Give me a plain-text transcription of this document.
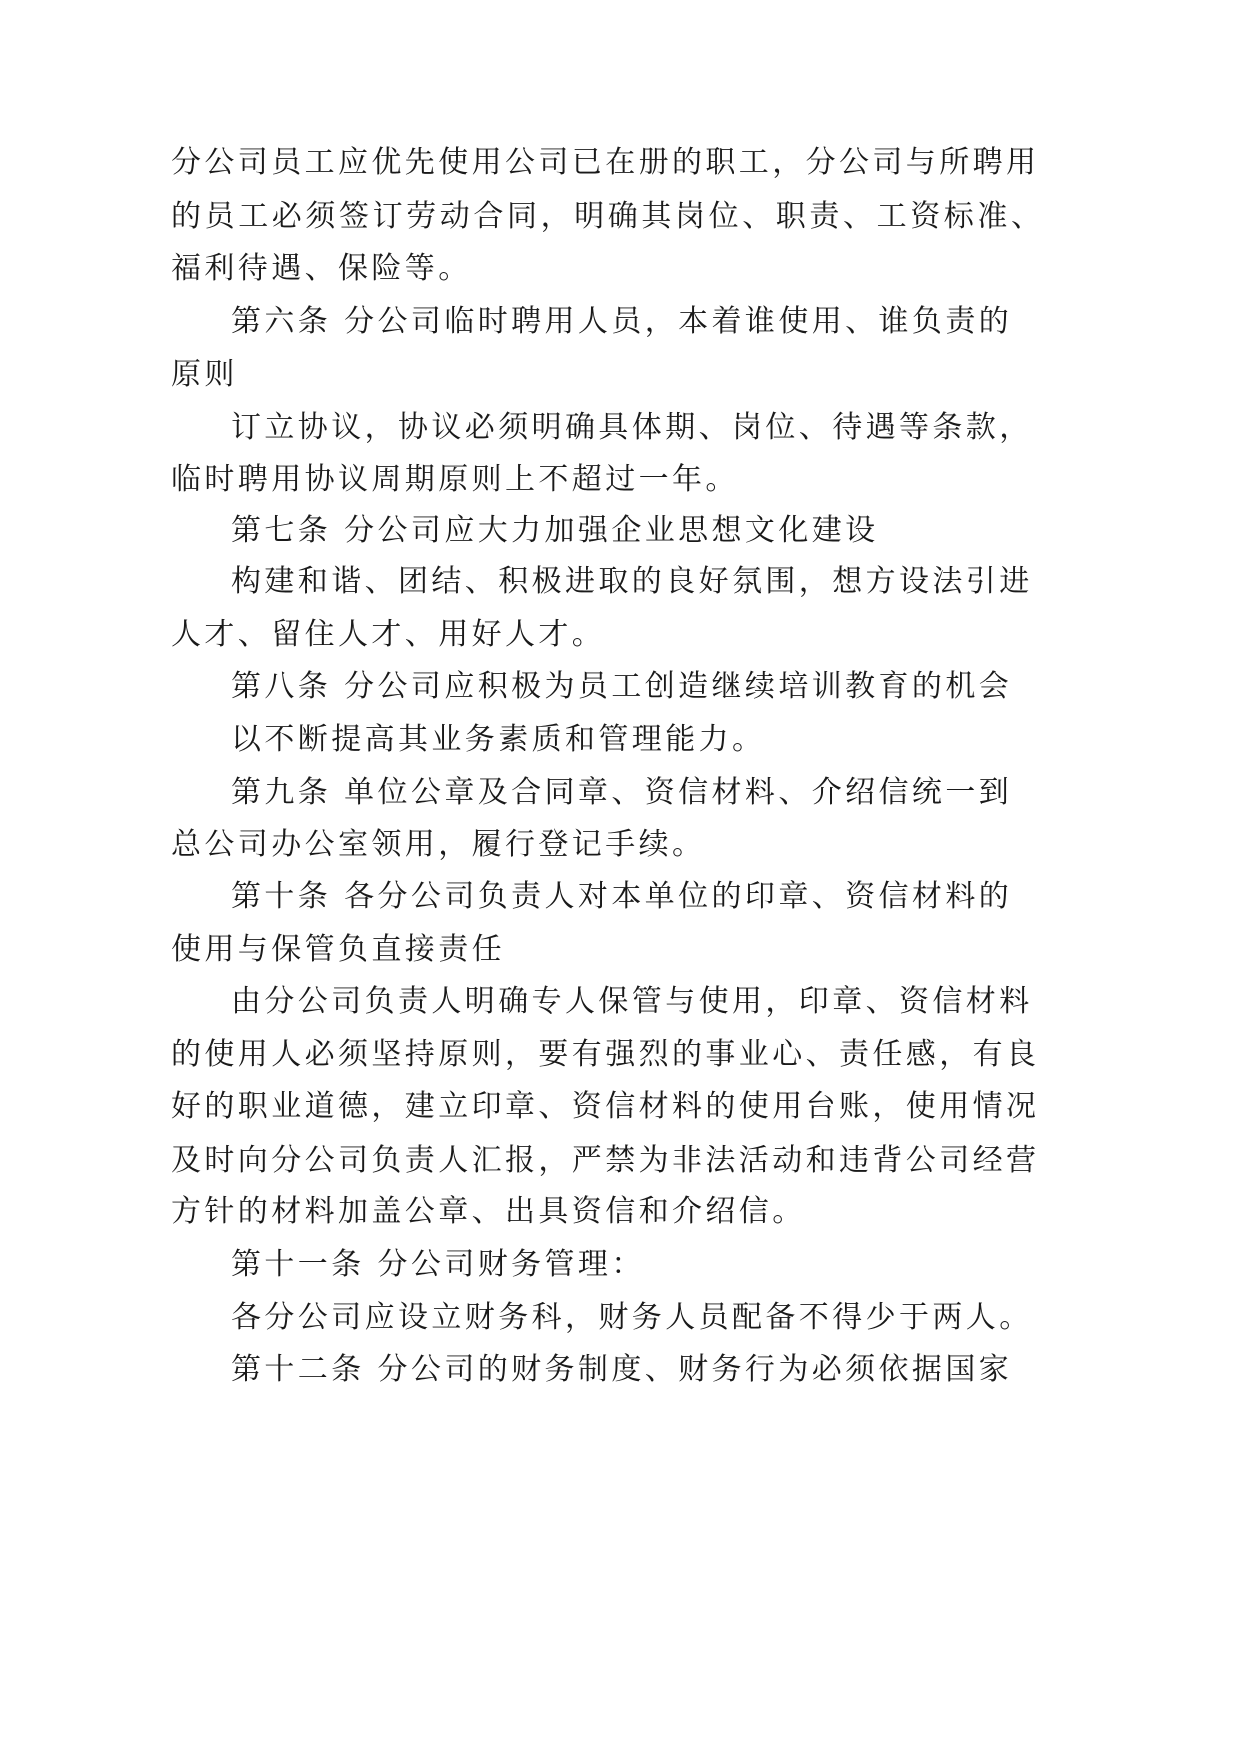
分公司员工应优先使用公司已在册的职工，分公司与所聘用
的员工必须签订劳动合同，明确其岗位、职责、工资标准、
福利待遇、保险等。
第六条 分公司临时聘用人员，本着谁使用、谁负责的
原则
订立协议，协议必须明确具体期、岗位、待遇等条款，
临时聘用协议周期原则上不超过一年。
第七条 分公司应大力加强企业思想文化建设
构建和谐、团结、积极进取的良好氛围，想方设法引进
人才、留住人才、用好人才。
第八条 分公司应积极为员工创造继续培训教育的机会
以不断提高其业务素质和管理能力。
第九条 单位公章及合同章、资信材料、介绍信统一到
总公司办公室领用，履行登记手续。
第十条 各分公司负责人对本单位的印章、资信材料的
使用与保管负直接责任
由分公司负责人明确专人保管与使用，印章、资信材料
的使用人必须坚持原则，要有强烈的事业心、责任感，有良
好的职业道德，建立印章、资信材料的使用台账，使用情况
及时向分公司负责人汇报，严禁为非法活动和违背公司经营
方针的材料加盖公章、出具资信和介绍信。
第十一条 分公司财务管理：
各分公司应设立财务科，财务人员配备不得少于两人。
第十二条 分公司的财务制度、财务行为必须依据国家
